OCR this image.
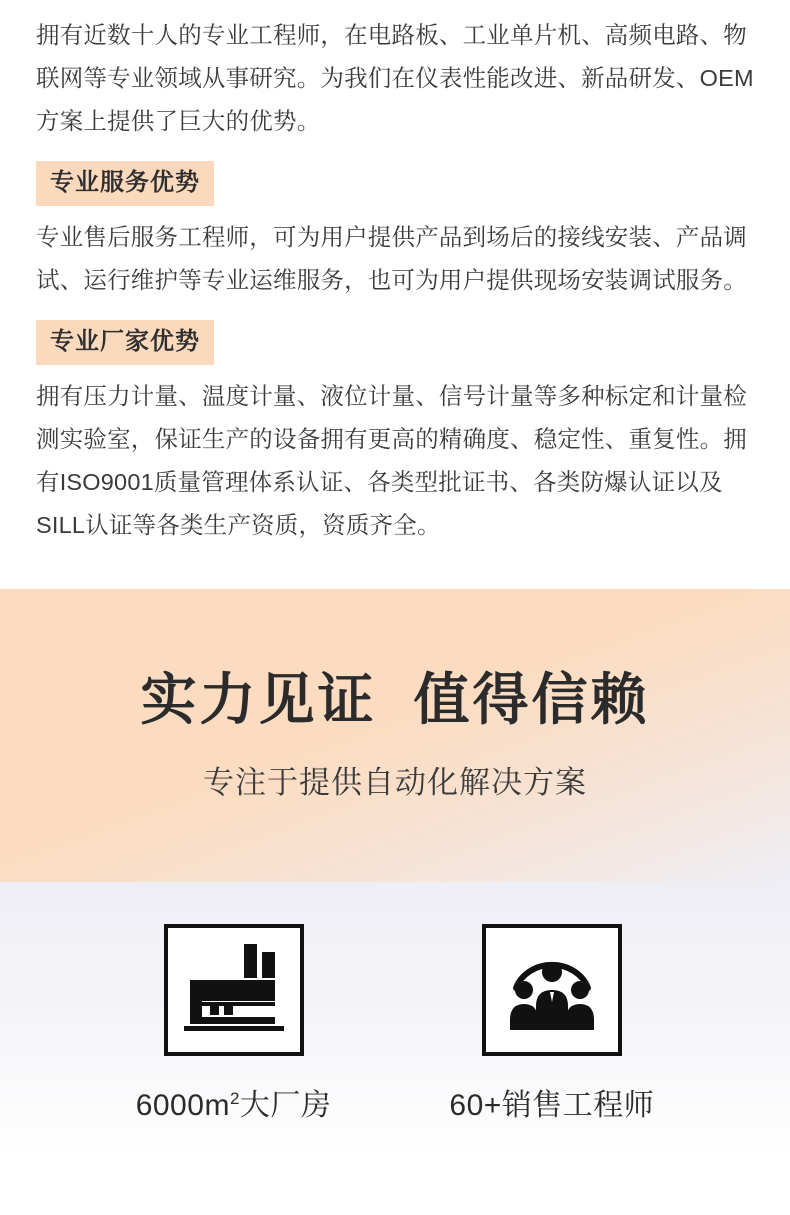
拥有近数十人的专业工程师，在电路板、工业单片机、高频电路、物联网等专业领域从事研究。为我们在仪表性能改进、新品研发、OEM方案上提供了巨大的优势。

专业服务优势

专业售后服务工程师，可为用户提供产品到场后的接线安装、产品调试、运行维护等专业运维服务，也可为用户提供现场安装调试服务。

专业厂家优势

拥有压力计量、温度计量、液位计量、信号计量等多种标定和计量检测实验室，保证生产的设备拥有更高的精确度、稳定性、重复性。拥有ISO9001质量管理体系认证、各类型批证书、各类防爆认证以及SILL认证等各类生产资质，资质齐全。

实力见证  值得信赖
专注于提供自动化解决方案
$6000m^2$大厂房	60+销售工程师
